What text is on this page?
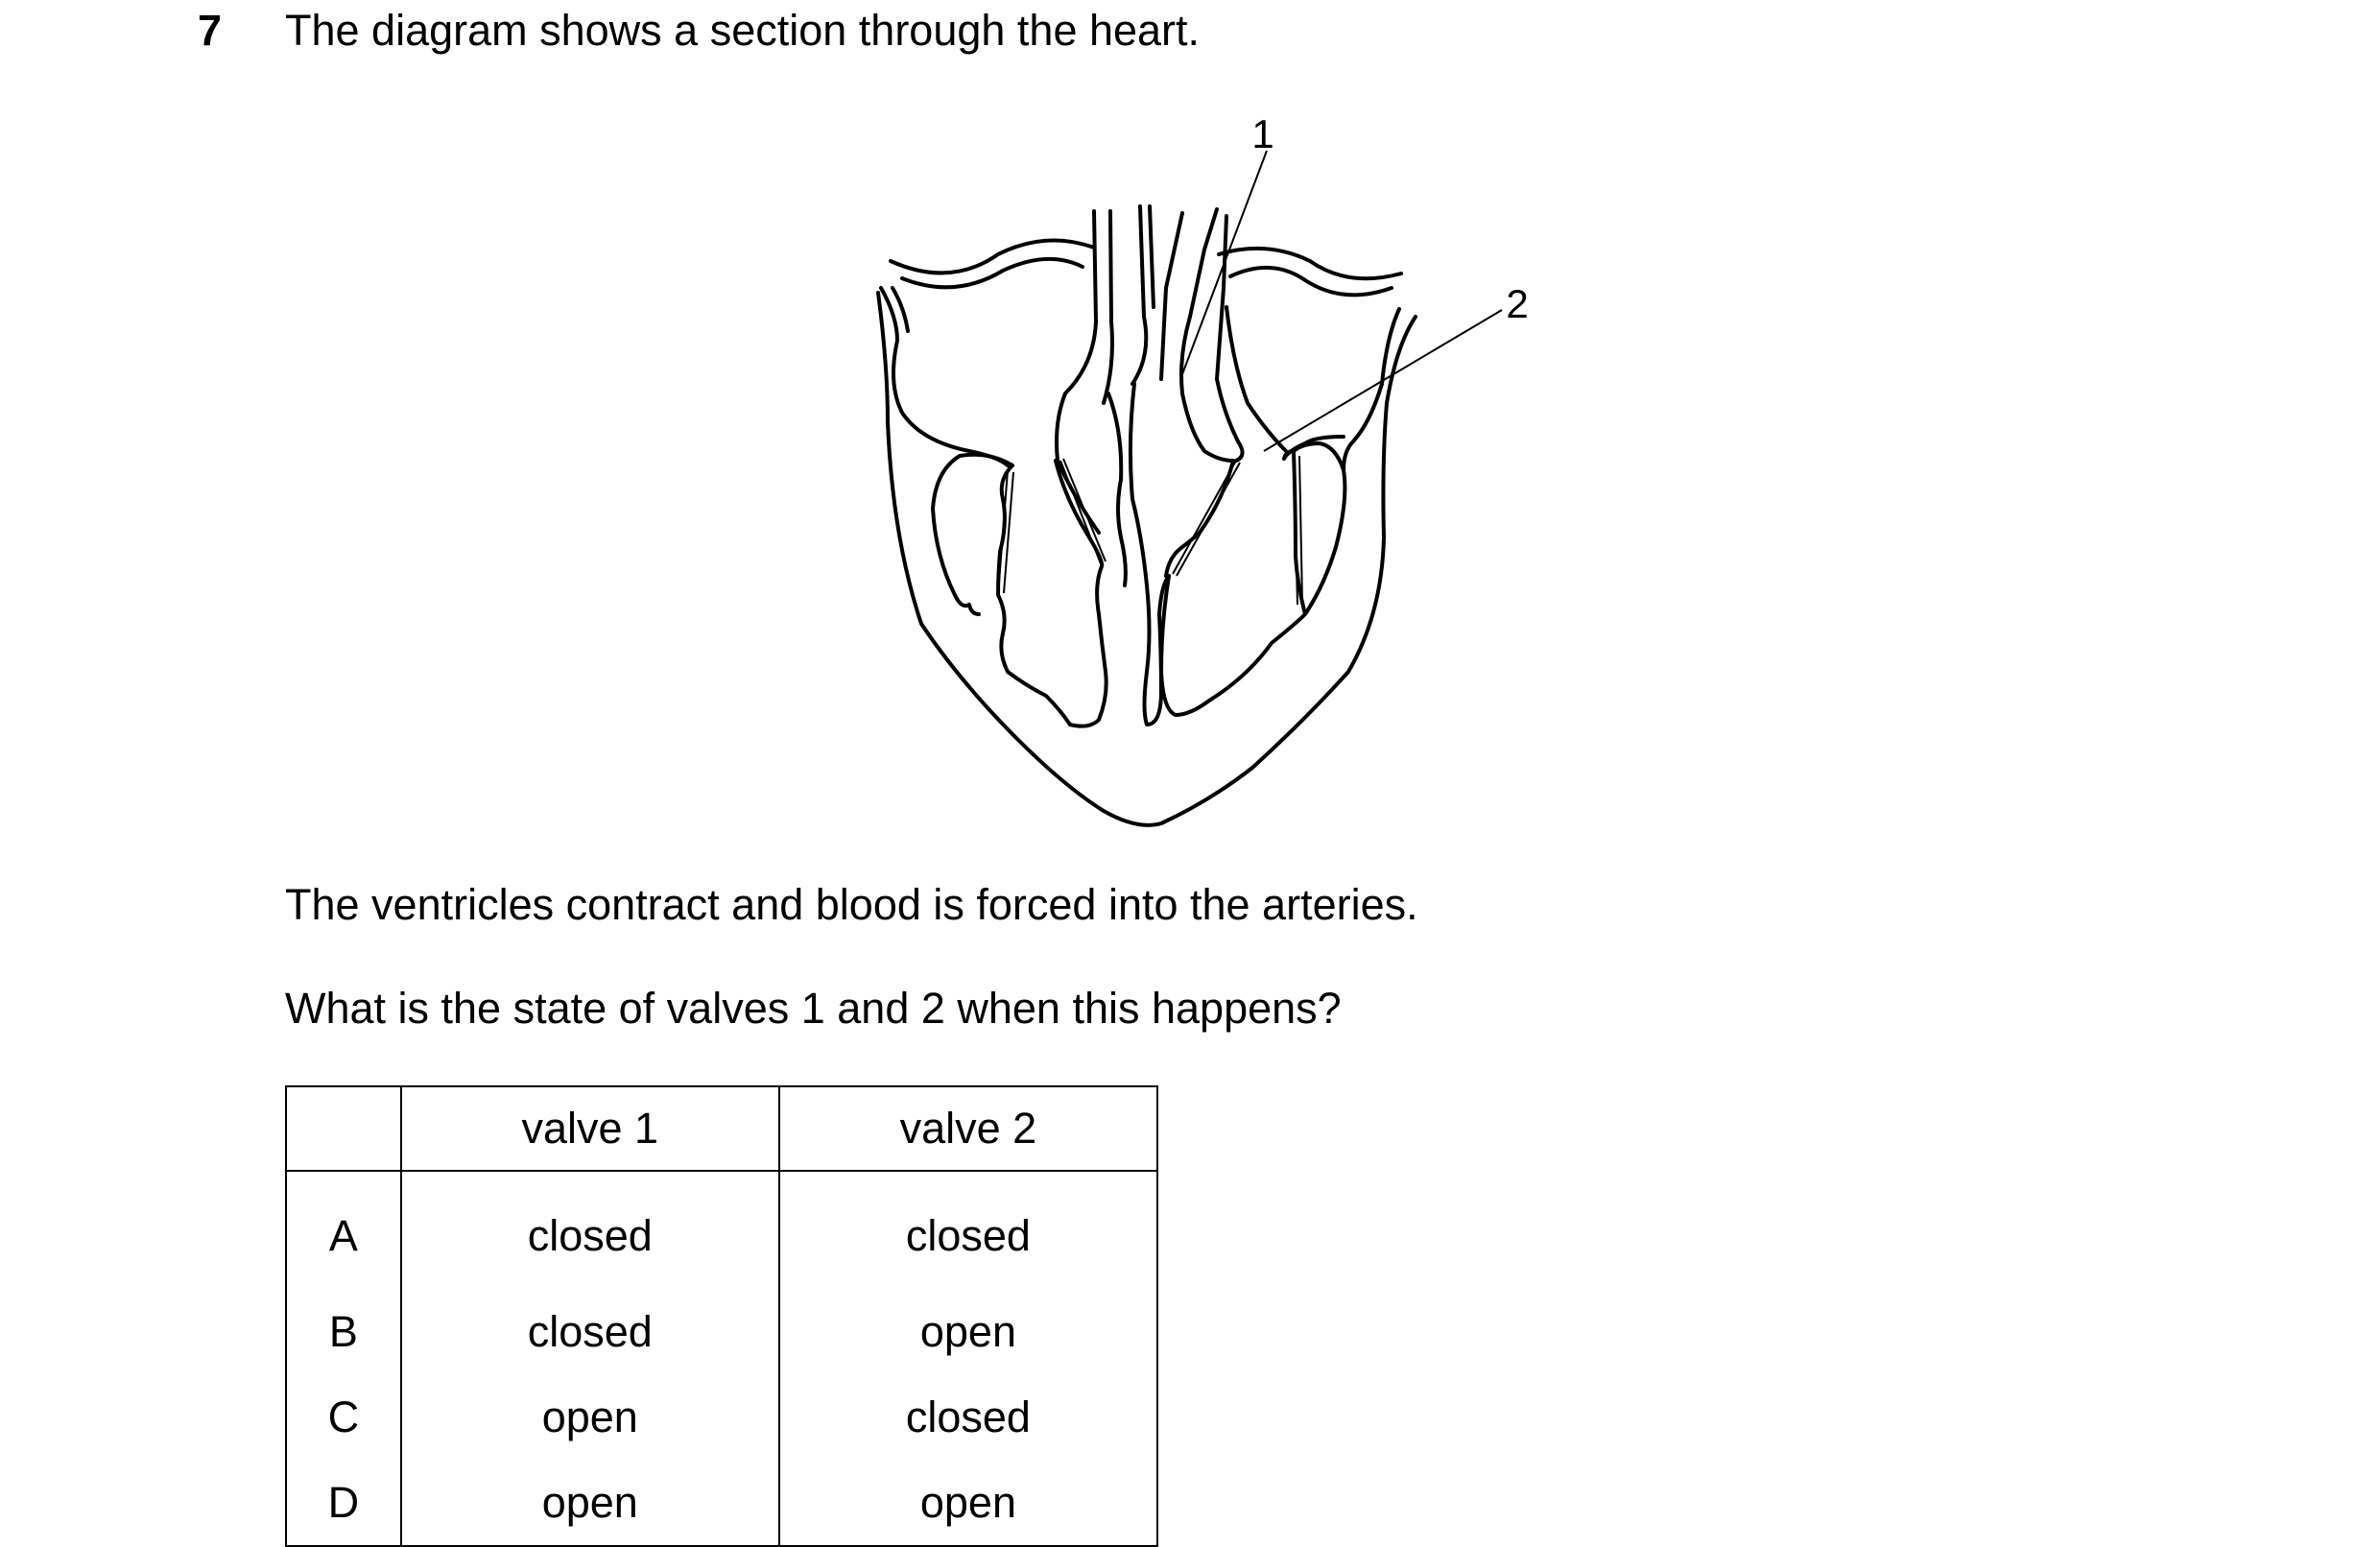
7 The diagram shows a section through the heart.
1
2
The ventricles contract and blood is forced into the arteries.
What is the state of valves 1 and 2 when this happens?
	valve 1	valve 2
A	closed	closed
B	closed	open
C	open	closed
D	open	open
